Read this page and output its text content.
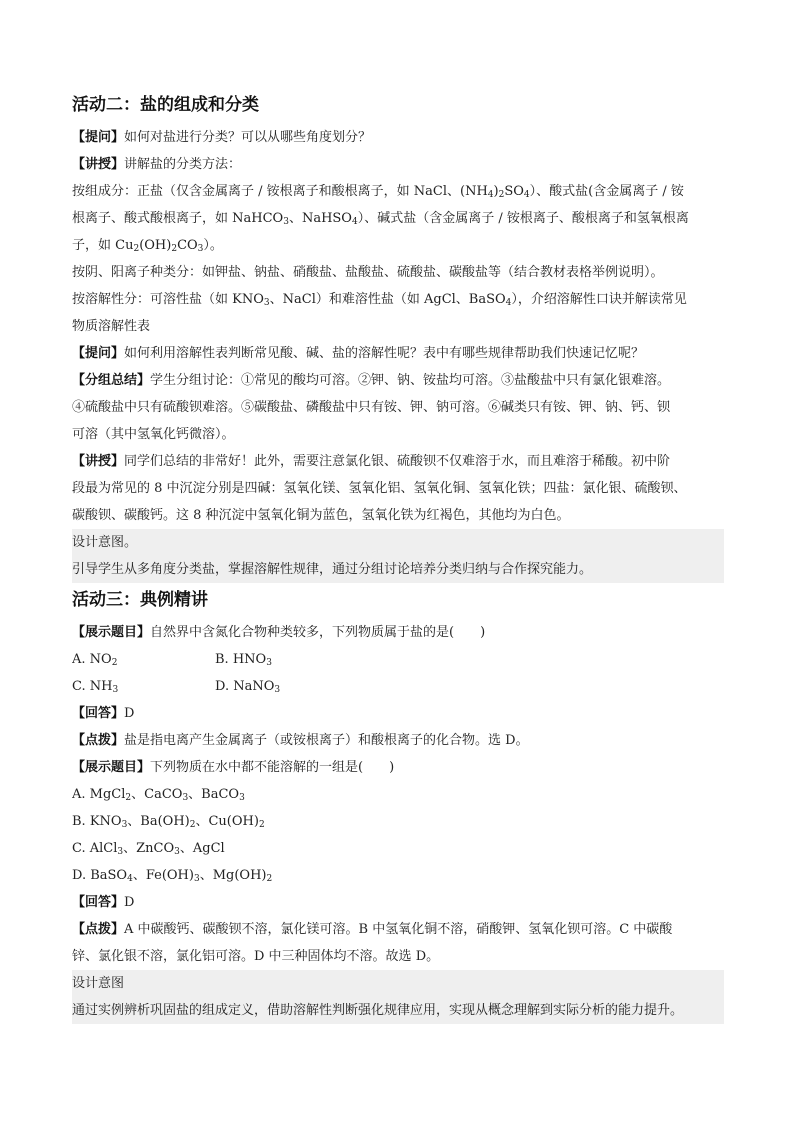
活动二：盐的组成和分类
【提问】如何对盐进行分类？可以从哪些角度划分？
【讲授】讲解盐的分类方法：
按组成分：正盐（仅含金属离子 / 铵根离子和酸根离子，如 NaCl、$(NH_4)_2SO_4$）、酸式盐(含金属离子 / 铵
根离子、酸式酸根离子，如 NaHCO$_3$、NaHSO$_4$）、碱式盐（含金属离子 / 铵根离子、酸根离子和氢氧根离
子，如 $Cu_2(OH)_2CO_3$）。
按阴、阳离子种类分：如钾盐、钠盐、硝酸盐、盐酸盐、硫酸盐、碳酸盐等（结合教材表格举例说明）。
按溶解性分：可溶性盐（如 $KNO_3$、NaCl）和难溶性盐（如 AgCl、BaSO$_4$），介绍溶解性口诀并解读常见
物质溶解性表
【提问】如何利用溶解性表判断常见酸、碱、盐的溶解性呢？表中有哪些规律帮助我们快速记忆呢？
【分组总结】学生分组讨论：①常见的酸均可溶。②钾、钠、铵盐均可溶。③盐酸盐中只有氯化银难溶。
④硫酸盐中只有硫酸钡难溶。⑤碳酸盐、磷酸盐中只有铵、钾、钠可溶。⑥碱类只有铵、钾、钠、钙、钡
可溶（其中氢氧化钙微溶）。
【讲授】同学们总结的非常好！此外，需要注意氯化银、硫酸钡不仅难溶于水，而且难溶于稀酸。初中阶
段最为常见的 8 中沉淀分别是四碱：氢氧化镁、氢氧化铝、氢氧化铜、氢氧化铁；四盐：氯化银、硫酸钡、
碳酸钡、碳酸钙。这 8 种沉淀中氢氧化铜为蓝色，氢氧化铁为红褐色，其他均为白色。
设计意图。
引导学生从多角度分类盐，掌握溶解性规律，通过分组讨论培养分类归纳与合作探究能力。
活动三：典例精讲
【展示题目】自然界中含氮化合物种类较多，下列物质属于盐的是(　　)
A. $NO_2$	B. $HNO_3$
C. $NH_3$	D. NaNO$_3$
【回答】D
【点拨】盐是指电离产生金属离子（或铵根离子）和酸根离子的化合物。选 D。
【展示题目】下列物质在水中都不能溶解的一组是(　　)
A. MgCl$_2$、CaCO$_3$、BaCO$_3$
B. $KNO_3$、$Ba(OH)_2$、$Cu(OH)_2$
C. AlCl$_3$、ZnCO$_3$、AgCl
D. BaSO$_4$、$Fe(OH)_3$、$Mg(OH)_2$
【回答】D
【点拨】A 中碳酸钙、碳酸钡不溶，氯化镁可溶。B 中氢氧化铜不溶，硝酸钾、氢氧化钡可溶。C 中碳酸
锌、氯化银不溶，氯化铝可溶。D 中三种固体均不溶。故选 D。
设计意图
通过实例辨析巩固盐的组成定义，借助溶解性判断强化规律应用，实现从概念理解到实际分析的能力提升。
